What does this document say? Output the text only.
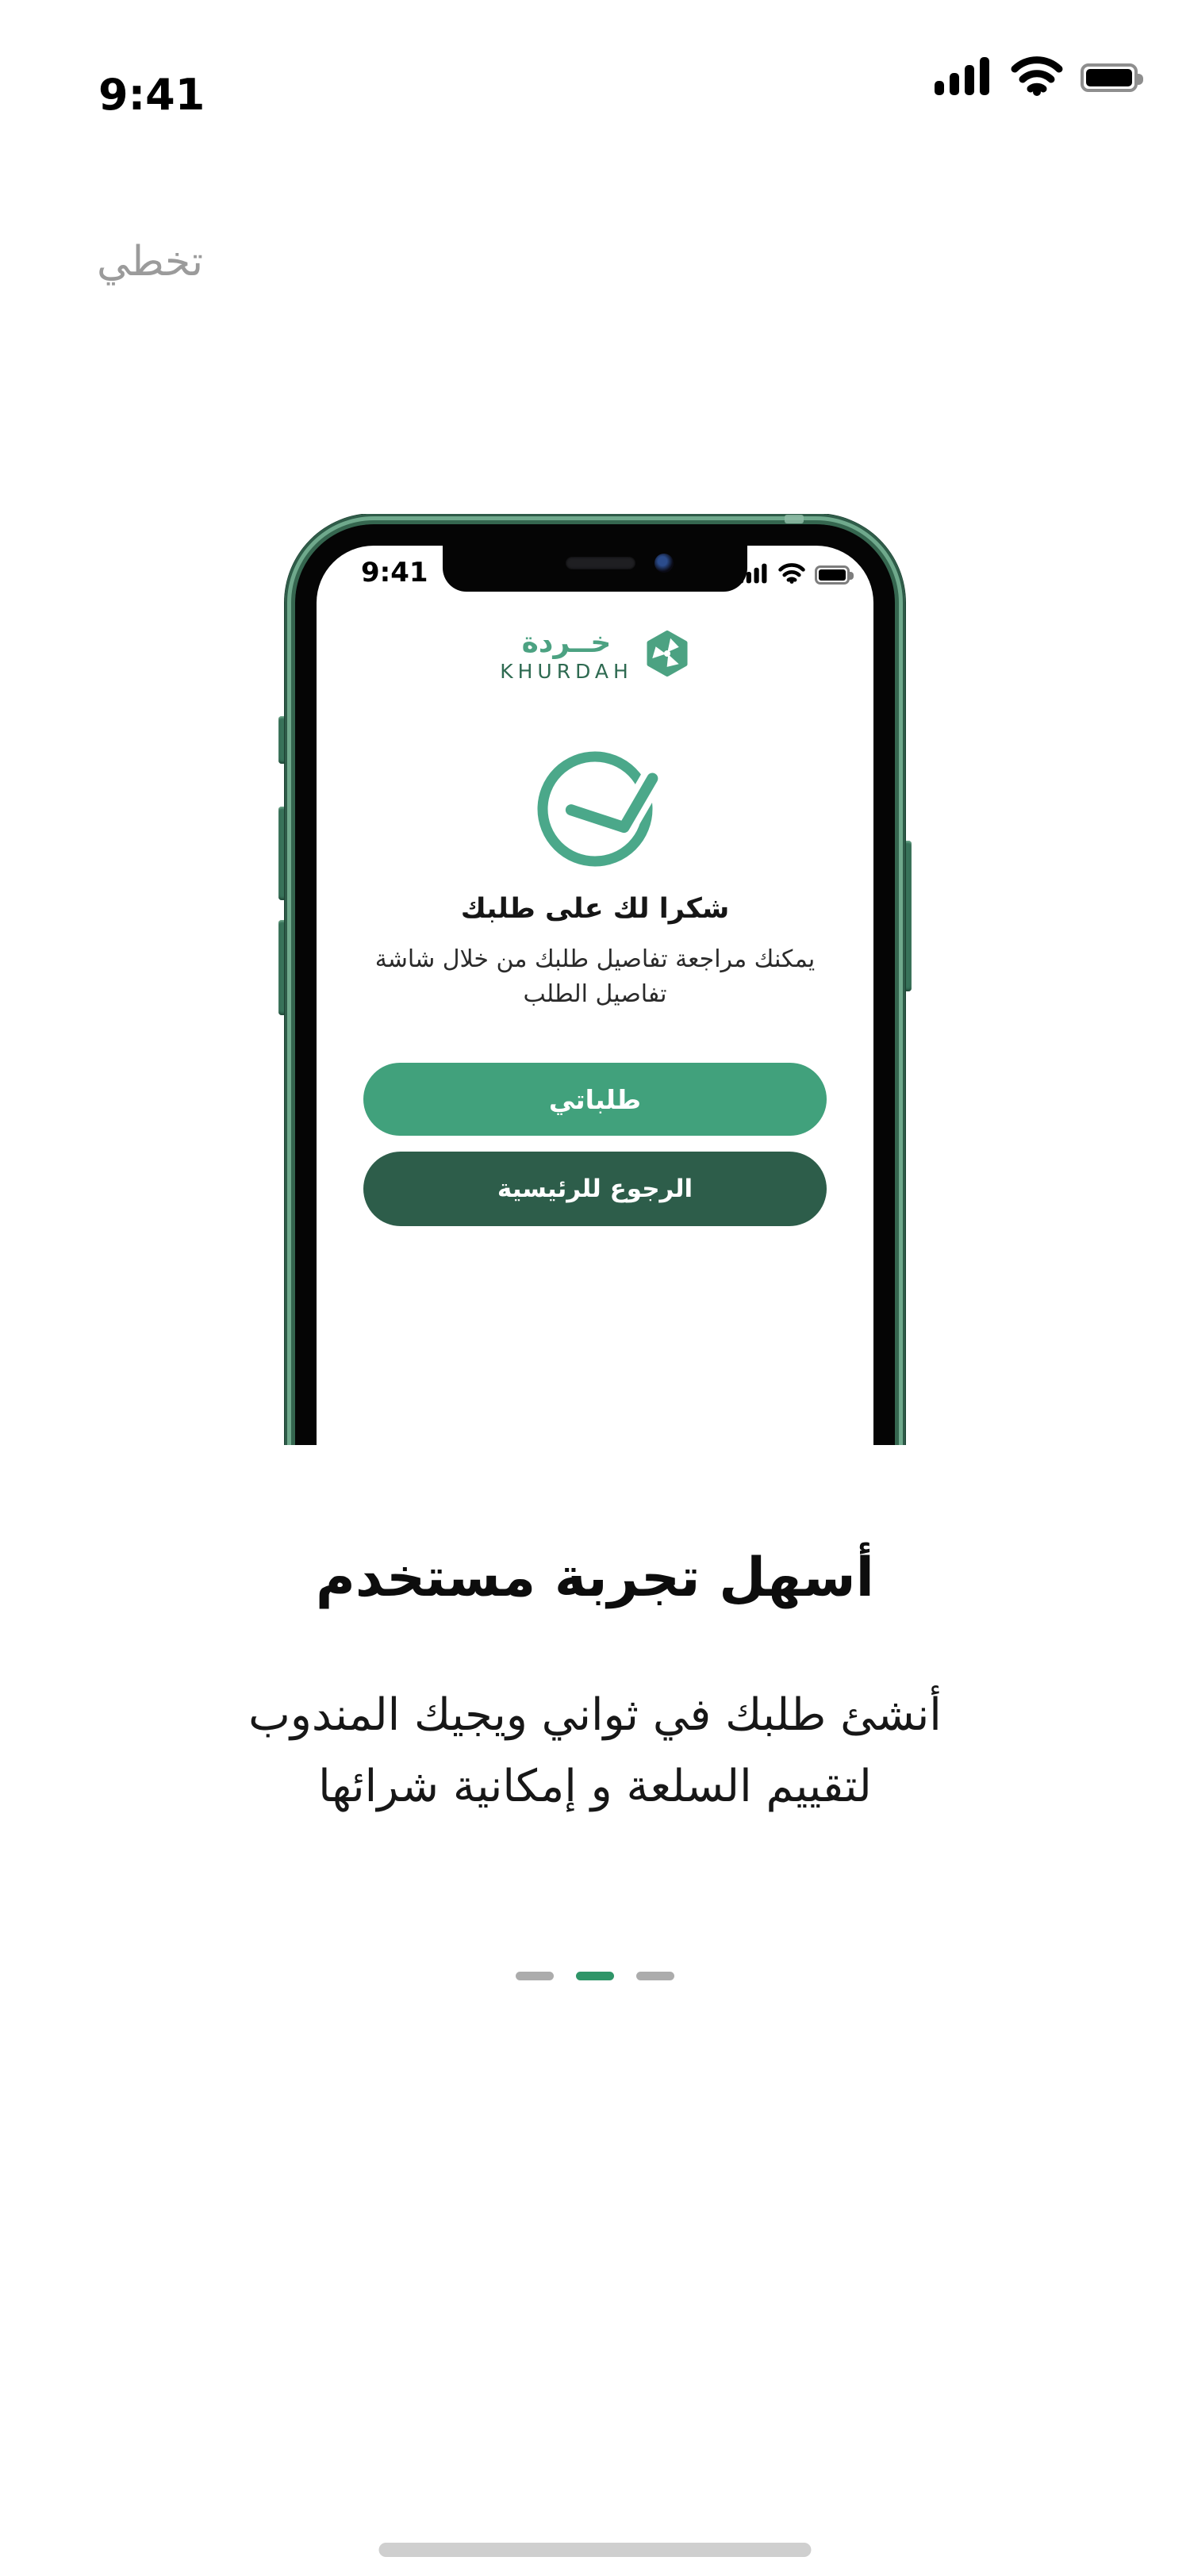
9:41
تخطي
9:41
خــردة
KHURDAH
شكرا لك على طلبك
يمكنك مراجعة تفاصيل طلبك من خلال شاشة
تفاصيل الطلب
طلباتي
الرجوع للرئيسية
أسهل تجربة مستخدم
أنشئ طلبك في ثواني ويجيك المندوب
لتقييم السلعة و إمكانية شرائها
